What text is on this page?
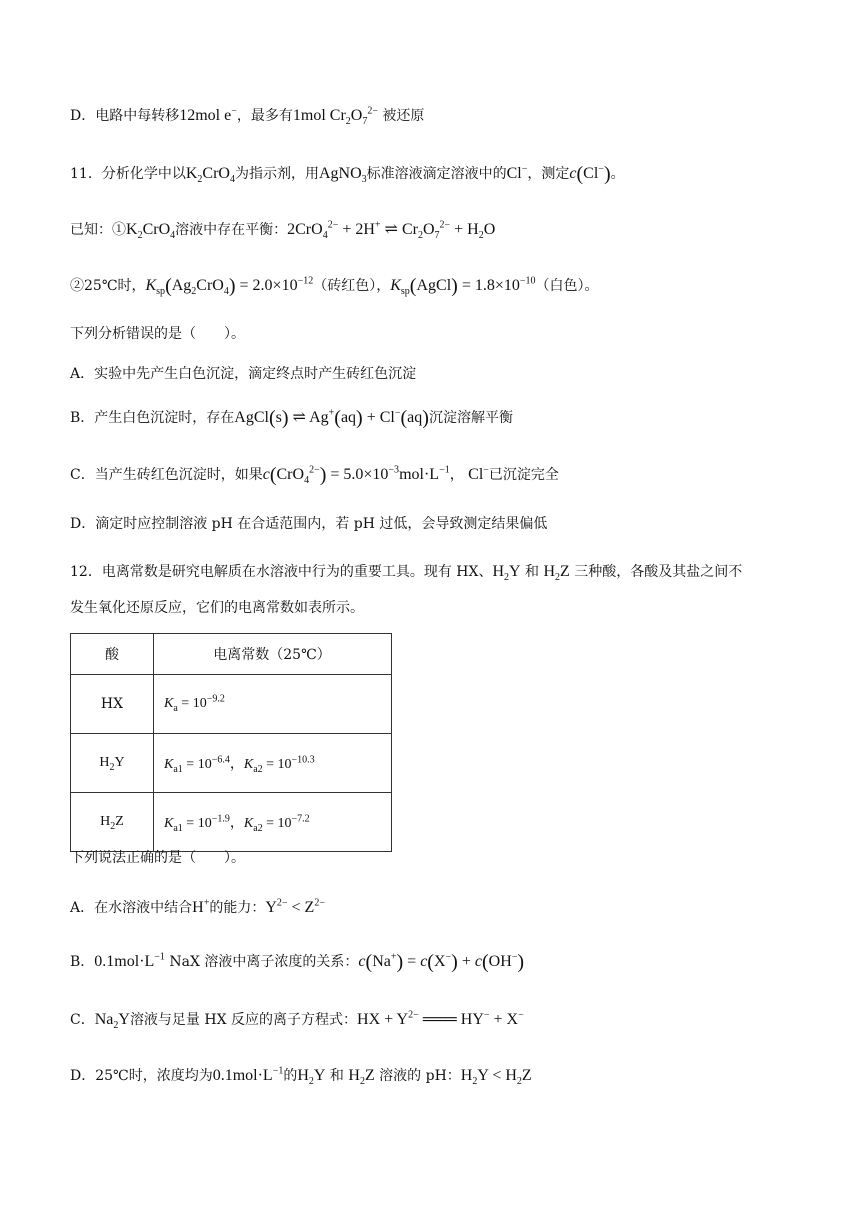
D．电路中每转移12mol e−，最多有1mol $Cr_2O_7^{2-}$ 被还原
11．分析化学中以$K_2CrO_4$为指示剂，用AgNO$_3$标准溶液滴定溶液中的Cl−，测定c(Cl−)。
已知：$①K_2CrO_4$溶液中存在平衡：2CrO$_4^{2-}$ + 2H+ ⇌ $Cr_2O_7^{2-} + H_2O$
②25℃时，$K_{sp}(Ag_2CrO_4) = 2.0\times 10^{-12}$（砖红色），$K_{sp}(AgCl) = 1.8\times 10^{-10}$（白色）。
下列分析错误的是（　　）。
A．实验中先产生白色沉淀，滴定终点时产生砖红色沉淀
B．产生白色沉淀时，存在AgCl(s) ⇌ Ag+(aq) + Cl−(aq)沉淀溶解平衡
C．当产生砖红色沉淀时，如果$c(CrO_4^{2-}) = 5.0\times 10^{-3}mol\cdot L^{-1}$， Cl−已沉淀完全
D．滴定时应控制溶液 pH 在合适范围内，若 pH 过低，会导致测定结果偏低
12．电离常数是研究电解质在水溶液中行为的重要工具。现有 HX、$H_2Y$ 和 $H_2Z$ 三种酸，各酸及其盐之间不
发生氧化还原反应，它们的电离常数如表所示。
酸	电离常数（25℃）
HX	$K_a = 10^{-9.2}$
$H_2Y$	$K_{a1} = 10^{-6.4}$，$K_{a2} = 10^{-10.3}$
$H_2Z$	$K_{a1} = 10^{-1.9}$，$K_{a2} = 10^{-7.2}$
下列说法正确的是（　　）。
A．在水溶液中结合H+的能力：$Y^{2-} < Z^{2-}$
B．$0.1mol\cdot L^{-1}$ NaX 溶液中离子浓度的关系：c(Na+) = c(X−) + c(OH−)
C．$Na_2Y$溶液与足量 HX 反应的离子方程式：HX + $Y^{2-}$ ═══ HY− + X−
D．25℃时，浓度均为$0.1mol\cdot L^{-1}$的$H_2Y$ 和 $H_2Z$ 溶液的 pH：$H_2Y < H_2Z$
